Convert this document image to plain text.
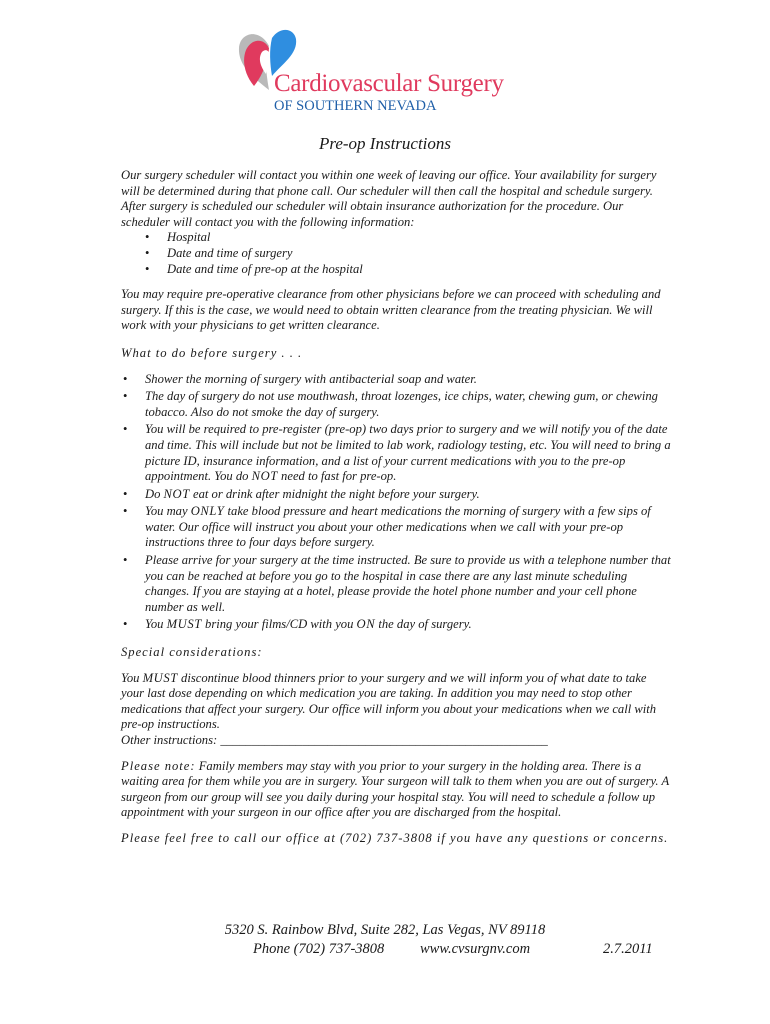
Cardiovascular Surgery
OF SOUTHERN NEVADA
Pre-op Instructions

Our surgery scheduler will contact you within one week of leaving our office. Your availability for surgery will be determined during that phone call. Our scheduler will then call the hospital and schedule surgery. After surgery is scheduled our scheduler will obtain insurance authorization for the procedure. Our scheduler will contact you with the following information:

• Hospital
• Date and time of surgery
• Date and time of pre-op at the hospital

You may require pre-operative clearance from other physicians before we can proceed with scheduling and surgery. If this is the case, we would need to obtain written clearance from the treating physician. We will work with your physicians to get written clearance.

What to do before surgery . . .

• Shower the morning of surgery with antibacterial soap and water.
• The day of surgery do not use mouthwash, throat lozenges, ice chips, water, chewing gum, or chewing tobacco. Also do not smoke the day of surgery.
• You will be required to pre-register (pre-op) two days prior to surgery and we will notify you of the date and time. This will include but not be limited to lab work, radiology testing, etc. You will need to bring a picture ID, insurance information, and a list of your current medications with you to the pre-op appointment. You do NOT need to fast for pre-op.
• Do NOT eat or drink after midnight the night before your surgery.
• You may ONLY take blood pressure and heart medications the morning of surgery with a few sips of water. Our office will instruct you about your other medications when we call with your pre-op instructions three to four days before surgery.
• Please arrive for your surgery at the time instructed. Be sure to provide us with a telephone number that you can be reached at before you go to the hospital in case there are any last minute scheduling changes. If you are staying at a hotel, please provide the hotel phone number and your cell phone number as well.
• You MUST bring your films/CD with you ON the day of surgery.

Special considerations:

You MUST discontinue blood thinners prior to your surgery and we will inform you of what date to take your last dose depending on which medication you are taking. In addition you may need to stop other medications that affect your surgery. Our office will inform you about your medications when we call with pre-op instructions.

Other instructions: ____________________________________________________

Please note: Family members may stay with you prior to your surgery in the holding area. There is a waiting area for them while you are in surgery. Your surgeon will talk to them when you are out of surgery. A surgeon from our group will see you daily during your hospital stay. You will need to schedule a follow up appointment with your surgeon in our office after you are discharged from the hospital.

Please feel free to call our office at (702) 737-3808 if you have any questions or concerns.

5320 S. Rainbow Blvd, Suite 282, Las Vegas, NV 89118
Phone (702) 737-3808 www.cvsurgnv.com	2.7.2011
